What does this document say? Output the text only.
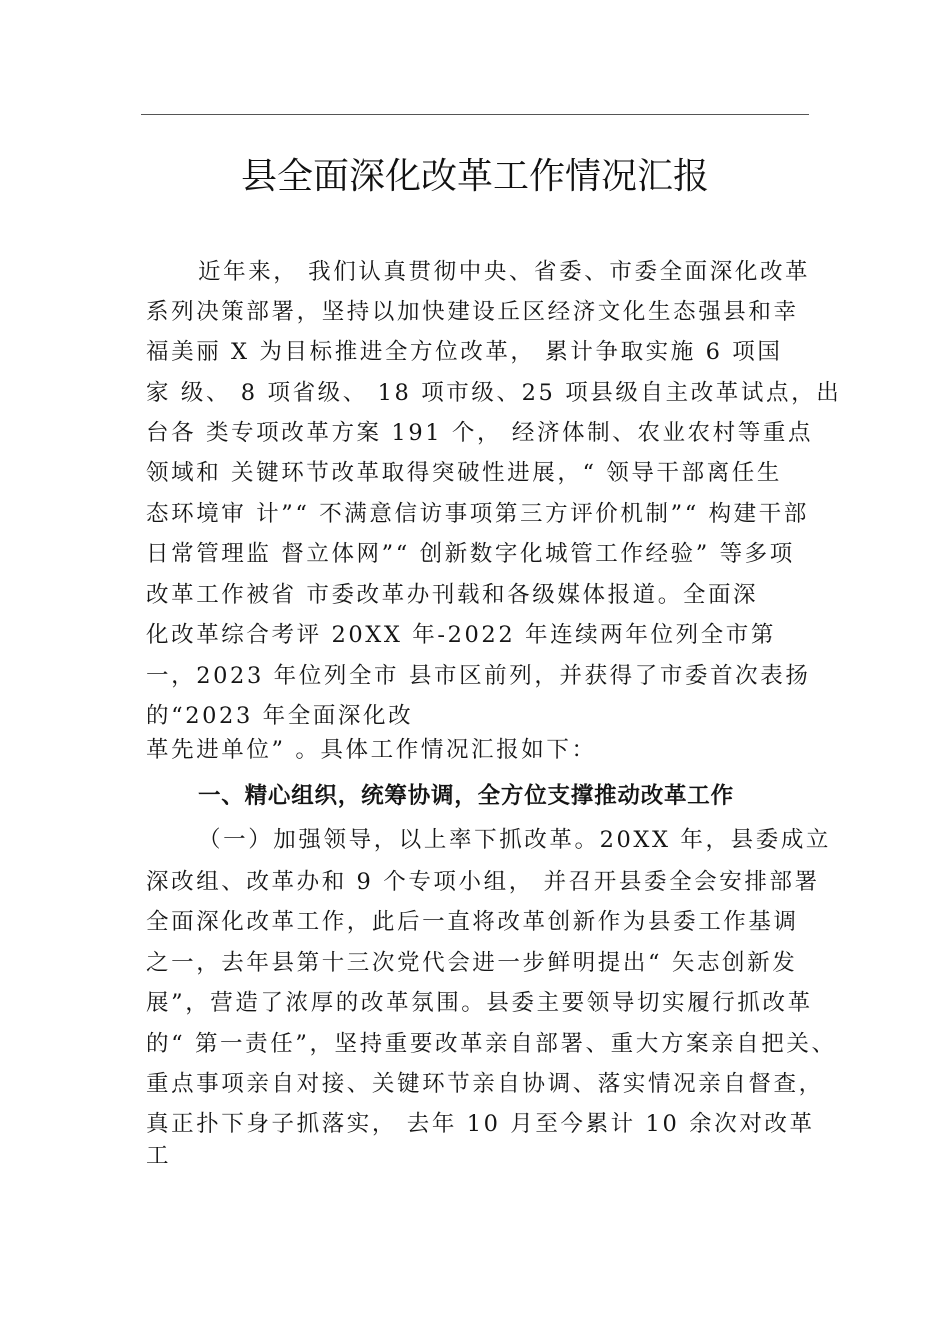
县全面深化改革工作情况汇报
近年来， 我们认真贯彻中央、省委、市委全面深化改革
系列决策部署，坚持以加快建设丘区经济文化生态强县和幸
福美丽 X 为目标推进全方位改革， 累计争取实施 6 项国
家 级、 8 项省级、 18 项市级、25 项县级自主改革试点，出
台各 类专项改革方案 191 个， 经济体制、农业农村等重点
领域和 关键环节改革取得突破性进展，“ 领导干部离任生
态环境审 计”“ 不满意信访事项第三方评价机制”“ 构建干部
日常管理监 督立体网”“ 创新数字化城管工作经验” 等多项
改革工作被省 市委改革办刊载和各级媒体报道。全面深
化改革综合考评 20XX 年-2022 年连续两年位列全市第
一，2023 年位列全市 县市区前列，并获得了市委首次表扬
的“2023 年全面深化改
革先进单位” 。具体工作情况汇报如下：
一、精心组织，统筹协调，全方位支撑推动改革工作
（一）加强领导，以上率下抓改革。20XX 年，县委成立
深改组、改革办和 9 个专项小组， 并召开县委全会安排部署
全面深化改革工作，此后一直将改革创新作为县委工作基调
之一，去年县第十三次党代会进一步鲜明提出“ 矢志创新发
展”，营造了浓厚的改革氛围。县委主要领导切实履行抓改革
的“ 第一责任”，坚持重要改革亲自部署、重大方案亲自把关、
重点事项亲自对接、关键环节亲自协调、落实情况亲自督查，
真正扑下身子抓落实， 去年 10 月至今累计 10 余次对改革
工
